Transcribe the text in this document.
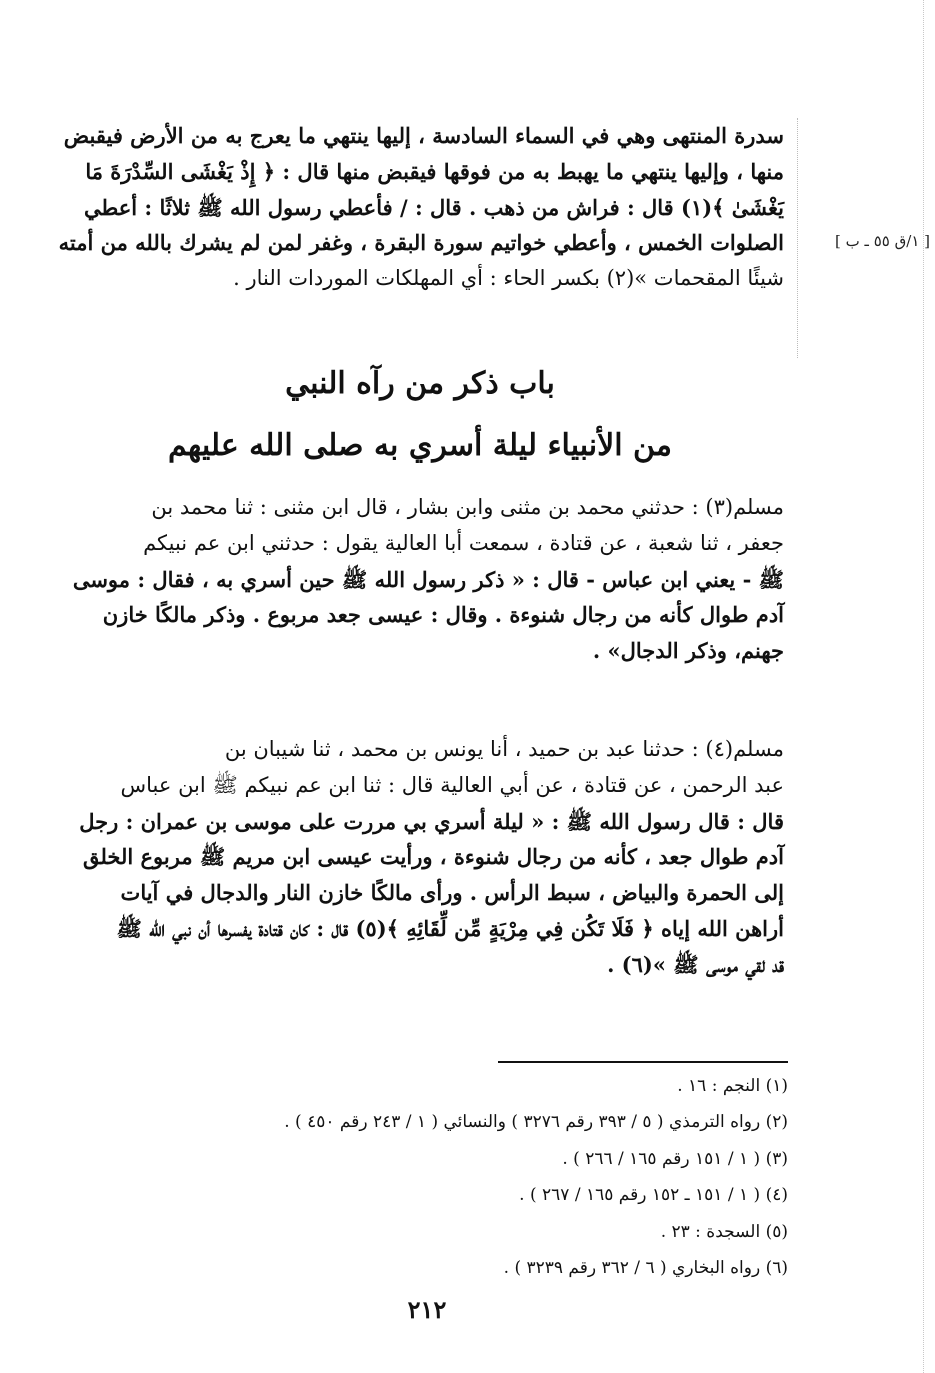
[ ١/ق ٥٥ ـ ب ]
سدرة المنتهى وهي في السماء السادسة ، إليها ينتهي ما يعرج به من الأرض فيقبض
منها ، وإليها ينتهي ما يهبط به من فوقها فيقبض منها قال : ﴿ إِذْ يَغْشَى السِّدْرَةَ مَا
يَغْشَىٰ ﴾(١) قال : فراش من ذهب . قال : / فأعطي رسول الله ﷺ ثلاثًا : أعطي
الصلوات الخمس ، وأعطي خواتيم سورة البقرة ، وغفر لمن لم يشرك بالله من أمته
شيئًا المقحمات »(٢) بكسر الحاء : أي المهلكات الموردات النار .
باب ذكر من رآه النبي
من الأنبياء ليلة أسري به صلى الله عليهم
مسلم(٣) : حدثني محمد بن مثنى وابن بشار ، قال ابن مثنى : ثنا محمد بن
جعفر ، ثنا شعبة ، عن قتادة ، سمعت أبا العالية يقول : حدثني ابن عم نبيكم
ﷺ - يعني ابن عباس - قال : « ذكر رسول الله ﷺ حين أسري به ، فقال : موسى
آدم طوال كأنه من رجال شنوءة . وقال : عيسى جعد مربوع . وذكر مالكًا خازن
جهنم، وذكر الدجال» .
مسلم(٤) : حدثنا عبد بن حميد ، أنا يونس بن محمد ، ثنا شيبان بن
عبد الرحمن ، عن قتادة ، عن أبي العالية قال : ثنا ابن عم نبيكم ﷺ ابن عباس
قال : قال رسول الله ﷺ : « ليلة أسري بي مررت على موسى بن عمران : رجل
آدم طوال جعد ، كأنه من رجال شنوءة ، ورأيت عيسى ابن مريم ﷺ مربوع الخلق
إلى الحمرة والبياض ، سبط الرأس . ورأى مالكًا خازن النار والدجال في آيات
أراهن الله إياه ﴿ فَلَا تَكُن فِي مِرْيَةٍ مِّن لِّقَائِهِ ﴾(٥) قال : كان قتادة يفسرها أن نبي الله ﷺ
قد لقي موسى ﷺ »(٦) .
(١) النجم : ١٦ .
(٢) رواه الترمذي ( ٥ / ٣٩٣ رقم ٣٢٧٦ ) والنسائي ( ١ / ٢٤٣ رقم ٤٥٠ ) .
(٣) ( ١ / ١٥١ رقم ١٦٥ / ٢٦٦ ) .
(٤) ( ١ / ١٥١ ـ ١٥٢ رقم ١٦٥ / ٢٦٧ ) .
(٥) السجدة : ٢٣ .
(٦) رواه البخاري ( ٦ / ٣٦٢ رقم ٣٢٣٩ ) .
٢١٢
